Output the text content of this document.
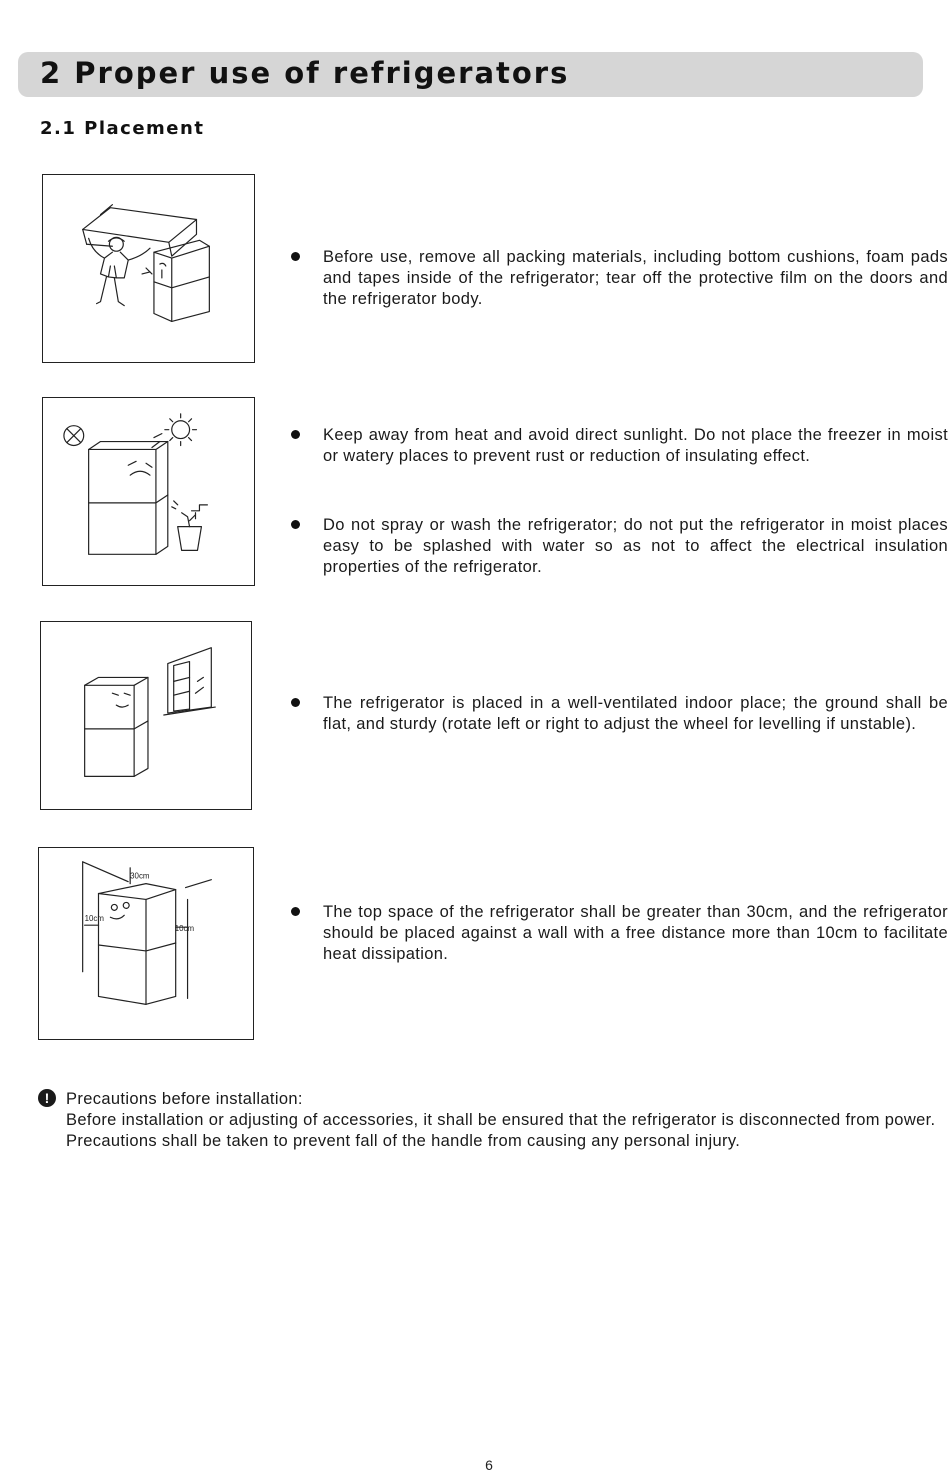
2 Proper use of refrigerators
2.1 Placement

Before use, remove all packing materials, including bottom cushions, foam pads and tapes inside of the refrigerator; tear off the protective film on the doors and the refrigerator body.

Keep away from heat and avoid direct sunlight. Do not place the freezer in moist or watery places to prevent rust or reduction of insulating effect.

Do not spray or wash the refrigerator; do not put the refrigerator in moist places easy to be splashed with water so as not to affect the electrical insulation properties of the refrigerator.

The refrigerator is placed in a well-ventilated indoor place; the ground shall be flat, and sturdy (rotate left or right to adjust the wheel for levelling if unstable).

30cm
10cm
10cm

The top space of the refrigerator shall be greater than 30cm, and the refrigerator should be placed against a wall with a free distance more than 10cm to facilitate heat dissipation.

!	Precautions before installation:

Before installation or adjusting of accessories, it shall be ensured that the refrigerator is disconnected from power.

Precautions shall be taken to prevent fall of the handle from causing any personal injury.

6
